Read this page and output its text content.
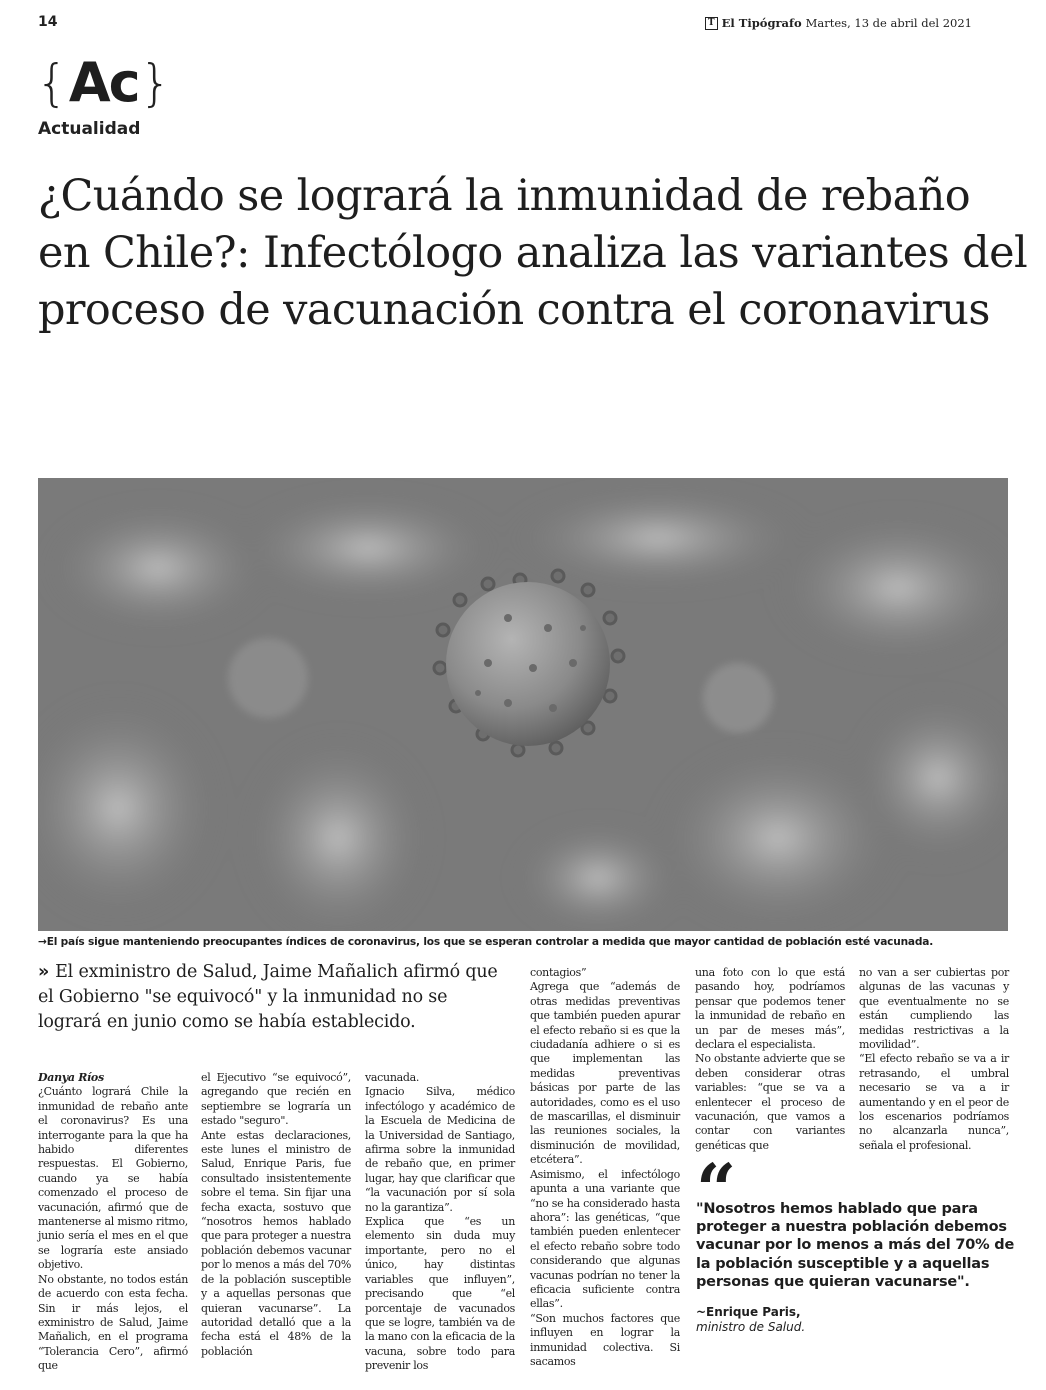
14	T El Tipógrafo Martes, 13 de abril del 2021
{ Ac }
Actualidad
¿Cuándo se logrará la inmunidad de rebaño en Chile?: Infectólogo analiza las variantes del proceso de vacunación contra el coronavirus
→El país sigue manteniendo preocupantes índices de coronavirus, los que se esperan controlar a medida que mayor cantidad de población esté vacunada.
» El exministro de Salud, Jaime Mañalich afirmó que el Gobierno "se equivocó" y la inmunidad no se logrará en junio como se había establecido.

Danya Ríos

¿Cuánto logrará Chile la inmunidad de rebaño ante el coronavirus? Es una interrogante para la que ha habido diferentes respuestas. El Gobierno, cuando ya se había comenzado el proceso de vacunación, afirmó que de mantenerse al mismo ritmo, junio sería el mes en el que se lograría este ansiado objetivo.

No obstante, no todos están de acuerdo con esta fecha. Sin ir más lejos, el exministro de Salud, Jaime Mañalich, en el programa “Tolerancia Cero”, afirmó que

el Ejecutivo “se equivocó”, agregando que recién en septiembre se lograría un estado "seguro".

Ante estas declaraciones, este lunes el ministro de Salud, Enrique Paris, fue consultado insistentemente sobre el tema. Sin fijar una fecha exacta, sostuvo que “nosotros hemos hablado que para proteger a nuestra población debemos vacunar por lo menos a más del 70% de la población susceptible y a aquellas personas que quieran vacunarse”. La autoridad detalló que a la fecha está el 48% de la población

vacunada.

Ignacio Silva, médico infectólogo y académico de la Escuela de Medicina de la Universidad de Santiago, afirma sobre la inmunidad de rebaño que, en primer lugar, hay que clarificar que “la vacunación por sí sola no la garantiza”.

Explica que “es un elemento sin duda muy importante, pero no el único, hay distintas variables que influyen”, precisando que “el porcentaje de vacunados que se logre, también va de la mano con la eficacia de la vacuna, sobre todo para prevenir los

contagios”

Agrega que “además de otras medidas preventivas que también pueden apurar el efecto rebaño si es que la ciudadanía adhiere o si es que implementan las medidas preventivas básicas por parte de las autoridades, como es el uso de mascarillas, el disminuir las reuniones sociales, la disminución de movilidad, etcétera”.

Asimismo, el infectólogo apunta a una variante que “no se ha considerado hasta ahora”: las genéticas, “que también pueden enlentecer el efecto rebaño sobre todo considerando que algunas vacunas podrían no tener la eficacia suficiente contra ellas”.

“Son muchos factores que influyen en lograr la inmunidad colectiva. Si sacamos

una foto con lo que está pasando hoy, podríamos pensar que podemos tener la inmunidad de rebaño en un par de meses más”, declara el especialista.

No obstante advierte que se deben considerar otras variables: “que se va a enlentecer el proceso de vacunación, que vamos a contar con variantes genéticas que

no van a ser cubiertas por algunas de las vacunas y que eventualmente no se están cumpliendo las medidas restrictivas a la movilidad”.

“El efecto rebaño se va a ir retrasando, el umbral necesario se va a ir aumentando y en el peor de los escenarios podríamos no alcanzarla nunca”, señala el profesional.

“

"Nosotros hemos hablado que para proteger a nuestra población debemos vacunar por lo menos a más del 70% de la población susceptible y a aquellas personas que quieran vacunarse".

~Enrique Paris,
ministro de Salud.
